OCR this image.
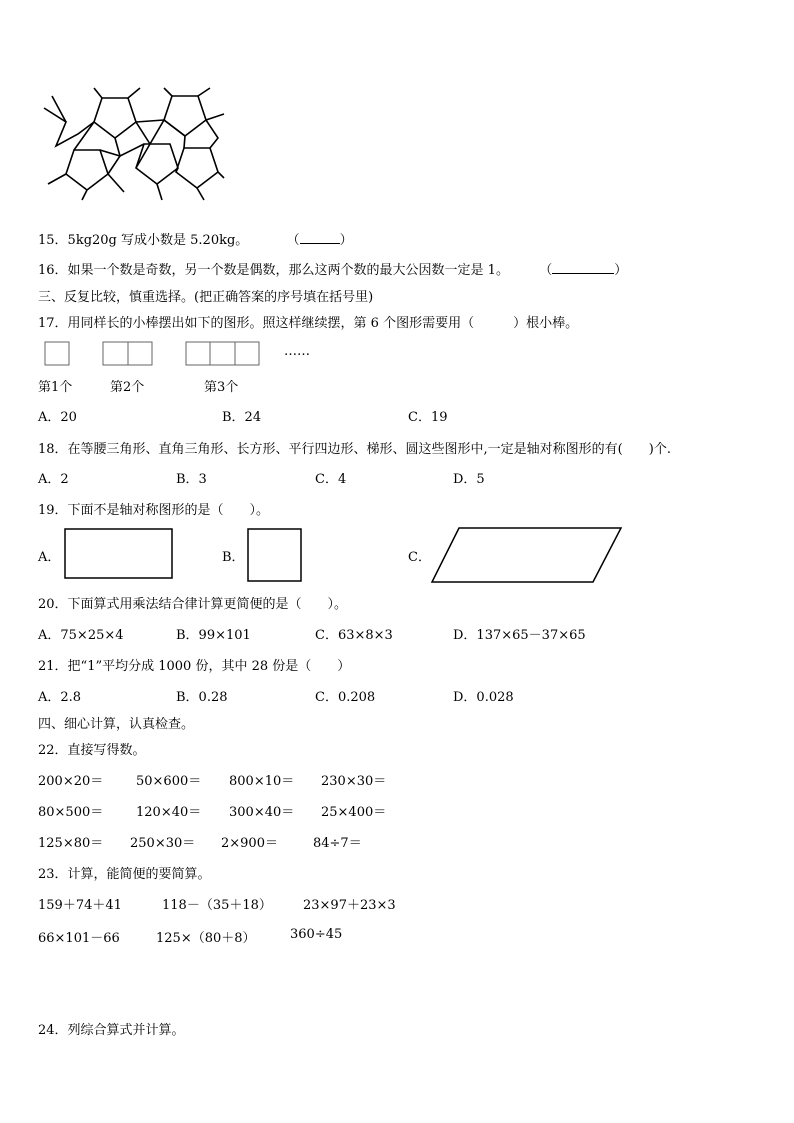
15．5kg20g 写成小数是 5.20kg。	（	）
16．如果一个数是奇数，另一个数是偶数，那么这两个数的最大公因数一定是 1。 （	）
三、反复比较，慎重选择。(把正确答案的序号填在括号里)
17．用同样长的小棒摆出如下的图形。照这样继续摆，第 6 个图形需要用（　　　）根小棒。
……
第1个	第2个	第3个
A．20	B．24	C．19
18．在等腰三角形、直角三角形、长方形、平行四边形、梯形、圆这些图形中,一定是轴对称图形的有(　　)个.
A．2	B．3	C．4	D．5
19．下面不是轴对称图形的是（　　）。
A．	B．	C．
20．下面算式用乘法结合律计算更简便的是（　　）。
A．75×25×4	B．99×101	C．63×8×3	D．137×65－37×65
21．把“1”平均分成 1000 份，其中 28 份是（　　）
A．2.8	B．0.28	C．0.208	D．0.028
四、细心计算，认真检查。
22．直接写得数。
200×20＝	50×600＝ 800×10＝ 230×30＝
80×500＝	120×40＝ 300×40＝ 25×400＝
125×80＝ 250×30＝ 2×900＝	84÷7＝
23．计算，能简便的要简算。
159＋74＋41	118－（35＋18） 23×97＋23×3
66×101－66	125×（80＋8）	360÷45
24．列综合算式并计算。
